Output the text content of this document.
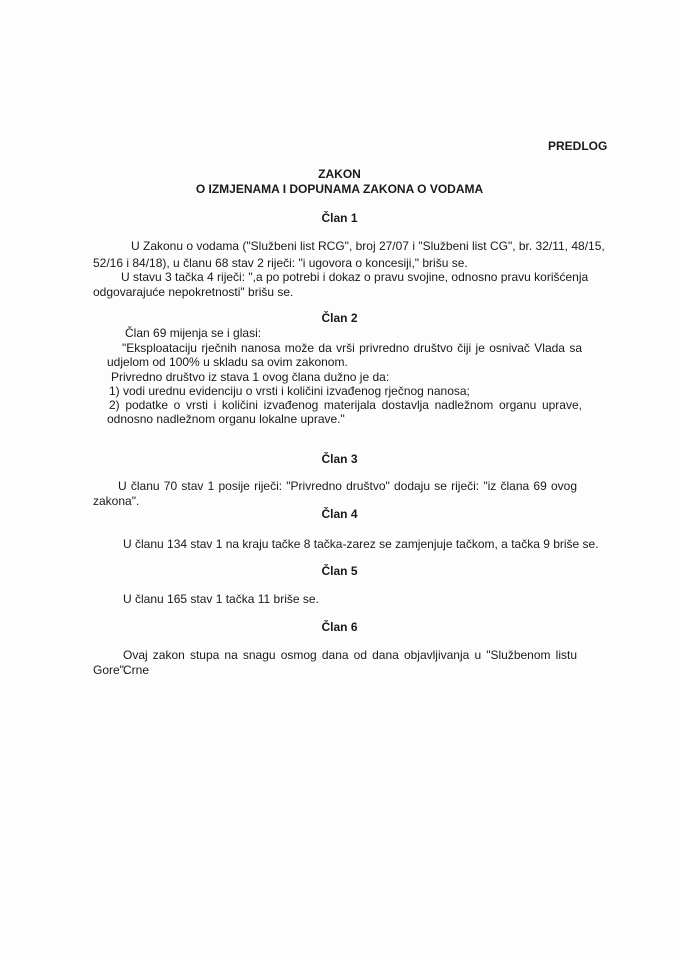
PREDLOG
ZAKON
O IZMJENAMA I DOPUNAMA ZAKONA O VODAMA
Član 1
U Zakonu o vodama ("Službeni list RCG", broj 27/07 i "Službeni list CG", br. 32/11, 48/15,
52/16 i 84/18), u članu 68 stav 2 riječi: "i ugovora o koncesiji," brišu se.
U stavu 3 tačka 4 riječi: ",a po potrebi i dokaz o pravu svojine, odnosno pravu korišćenja
odgovarajuće nepokretnosti" brišu se.
Član 2
Član 69 mijenja se i glasi:
"Eksploataciju rječnih nanosa može da vrši privredno društvo čiji je osnivač Vlada sa
udjelom od 100% u skladu sa ovim zakonom.
Privredno društvo iz stava 1 ovog člana dužno je da:
1) vodi urednu evidenciju o vrsti i količini izvađenog rječnog nanosa;
2) podatke o vrsti i količini izvađenog materijala dostavlja nadležnom organu uprave,
odnosno nadležnom organu lokalne uprave."
Član 3
U članu 70 stav 1 posije riječi: "Privredno društvo" dodaju se riječi: "iz člana 69 ovog
zakona".
Član 4
U članu 134 stav 1 na kraju tačke 8 tačka-zarez se zamjenjuje tačkom, a tačka 9 briše se.
Član 5
U članu 165 stav 1 tačka 11 briše se.
Član 6
Ovaj zakon stupa na snagu osmog dana od dana objavljivanja u "Službenom listu Crne
Gore".
